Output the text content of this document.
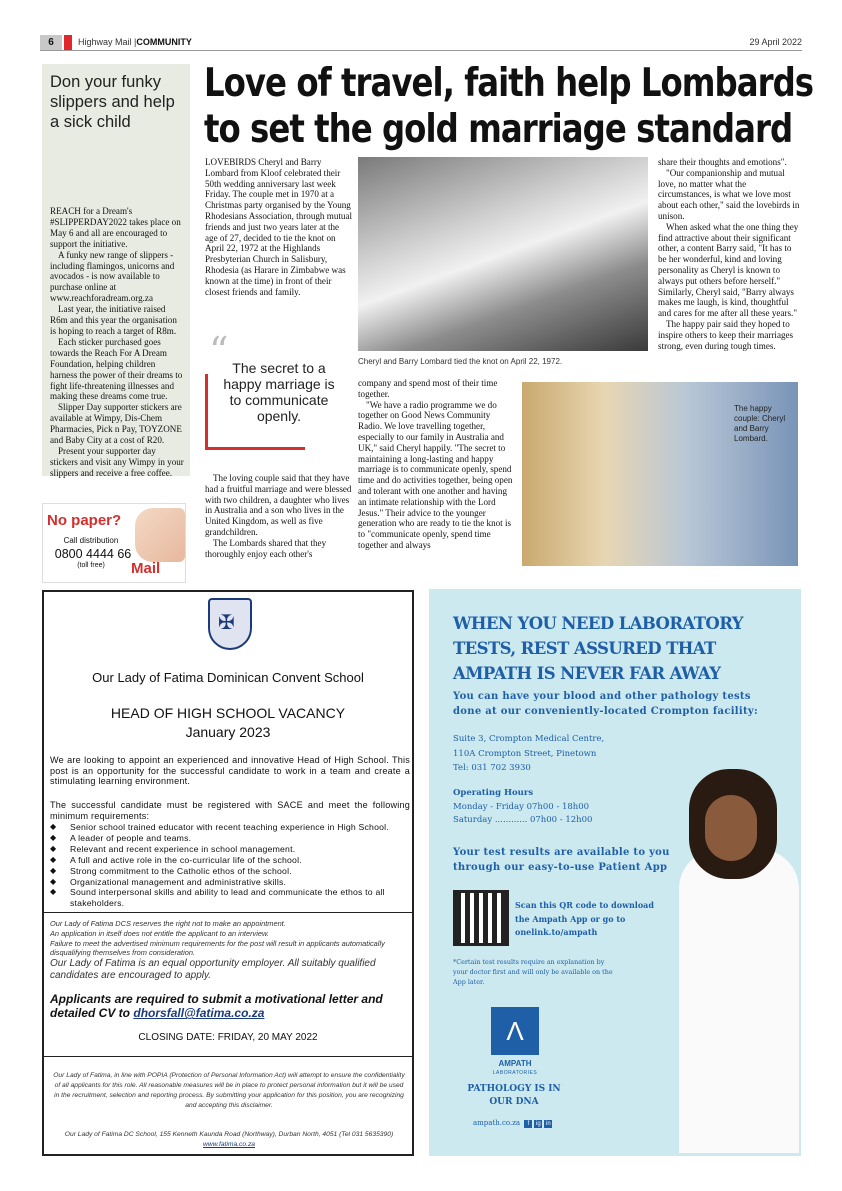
6	Highway Mail | COMMUNITY	29 April 2022
Don your funky slippers and help a sick child

REACH for a Dream's #SLIPPERDAY2022 takes place on May 6 and all are encouraged to support the initiative.

A funky new range of slippers - including flamingos, unicorns and avocados - is now available to purchase online at www.reachforadream.org.za

Last year, the initiative raised R6m and this year the organisation is hoping to reach a target of R8m.

Each sticker purchased goes towards the Reach For A Dream Foundation, helping children harness the power of their dreams to fight life-threatening illnesses and making these dreams come true.

Slipper Day supporter stickers are available at Wimpy, Dis-Chem Pharmacies, Pick n Pay, TOYZONE and Baby City at a cost of R20.

Present your supporter day stickers and visit any Wimpy in your slippers and receive a free coffee.

No paper?
Call distribution
0800 4444 66
(toll free)	Mail
Love of travel, faith help Lombards
to set the gold marriage standard

LOVEBIRDS Cheryl and Barry Lombard from Kloof celebrated their 50th wedding anniversary last week Friday. The couple met in 1970 at a Christmas party organised by the Young Rhodesians Association, through mutual friends and just two years later at the age of 27, decided to tie the knot on April 22, 1972 at the Highlands Presbyterian Church in Salisbury, Rhodesia (as Harare in Zimbabwe was known at the time) in front of their closest friends and family.

“ The secret to a happy marriage is to communicate openly.

The loving couple said that they have had a fruitful marriage and were blessed with two children, a daughter who lives in Australia and a son who lives in the United Kingdom, as well as five grandchildren.

The Lombards shared that they thoroughly enjoy each other's

Cheryl and Barry Lombard tied the knot on April 22, 1972.

company and spend most of their time together.

"We have a radio programme we do together on Good News Community Radio. We love travelling together, especially to our family in Australia and UK," said Cheryl happily. "The secret to maintaining a long-lasting and happy marriage is to communicate openly, spend time and do activities together, being open and tolerant with one another and having an intimate relationship with the Lord Jesus." Their advice to the younger generation who are ready to tie the knot is to "communicate openly, spend time together and always

share their thoughts and emotions".

"Our companionship and mutual love, no matter what the circumstances, is what we love most about each other," said the lovebirds in unison.

When asked what the one thing they find attractive about their significant other, a content Barry said, "It has to be her wonderful, kind and loving personality as Cheryl is known to always put others before herself." Similarly, Cheryl said, "Barry always makes me laugh, is kind, thoughtful and cares for me after all these years."

The happy pair said they hoped to inspire others to keep their marriages strong, even during tough times.

The happy couple: Cheryl and Barry Lombard.
✠
Our Lady of Fatima Dominican Convent School
HEAD OF HIGH SCHOOL VACANCY
January 2023
We are looking to appoint an experienced and innovative Head of High School. This post is an opportunity for the successful candidate to work in a team and create a stimulating learning environment.
The successful candidate must be registered with SACE and meet the following minimum requirements:
◆ Senior school trained educator with recent teaching experience in High School.
◆ A leader of people and teams.
◆ Relevant and recent experience in school management.
◆ A full and active role in the co-curricular life of the school.
◆ Strong commitment to the Catholic ethos of the school.
◆ Organizational management and administrative skills.
◆ Sound interpersonal skills and ability to lead and communicate the ethos to all stakeholders.

Our Lady of Fatima DCS reserves the right not to make an appointment.

An application in itself does not entitle the applicant to an interview.

Failure to meet the advertised minimum requirements for the post will result in applicants automatically disqualifying themselves from consideration.

Our Lady of Fatima is an equal opportunity employer. All suitably qualified candidates are encouraged to apply.

Applicants are required to submit a motivational letter and detailed CV to dhorsfall@fatima.co.za
CLOSING DATE: FRIDAY, 20 MAY 2022
Our Lady of Fatima, in line with POPIA (Protection of Personal Information Act) will attempt to ensure the confidentiality of all applicants for this role. All reasonable measures will be in place to protect personal information but it will be used in the recruitment, selection and reporting process. By submitting your application for this position, you are recognizing and accepting this disclaimer.
Our Lady of Fatima DC School, 155 Kenneth Kaunda Road (Northway), Durban North, 4051 (Tel 031 5635390) www.fatima.co.za
WHEN YOU NEED LABORATORY TESTS, REST ASSURED THAT AMPATH IS NEVER FAR AWAY
You can have your blood and other pathology tests done at our conveniently-located Crompton facility:
Suite 3, Crompton Medical Centre,
110A Crompton Street, Pinetown
Tel: 031 702 3930
Operating Hours
Monday - Friday 07h00 - 18h00
Saturday ............ 07h00 - 12h00
Your test results are available to you through our easy-to-use Patient App
Scan this QR code to download the Ampath App or go to onelink.to/ampath
*Certain test results require an explanation by your doctor first and will only be available on the App later.
Λ
AMPATH
LABORATORIES
PATHOLOGY IS IN OUR DNA
ampath.co.za f ig in
